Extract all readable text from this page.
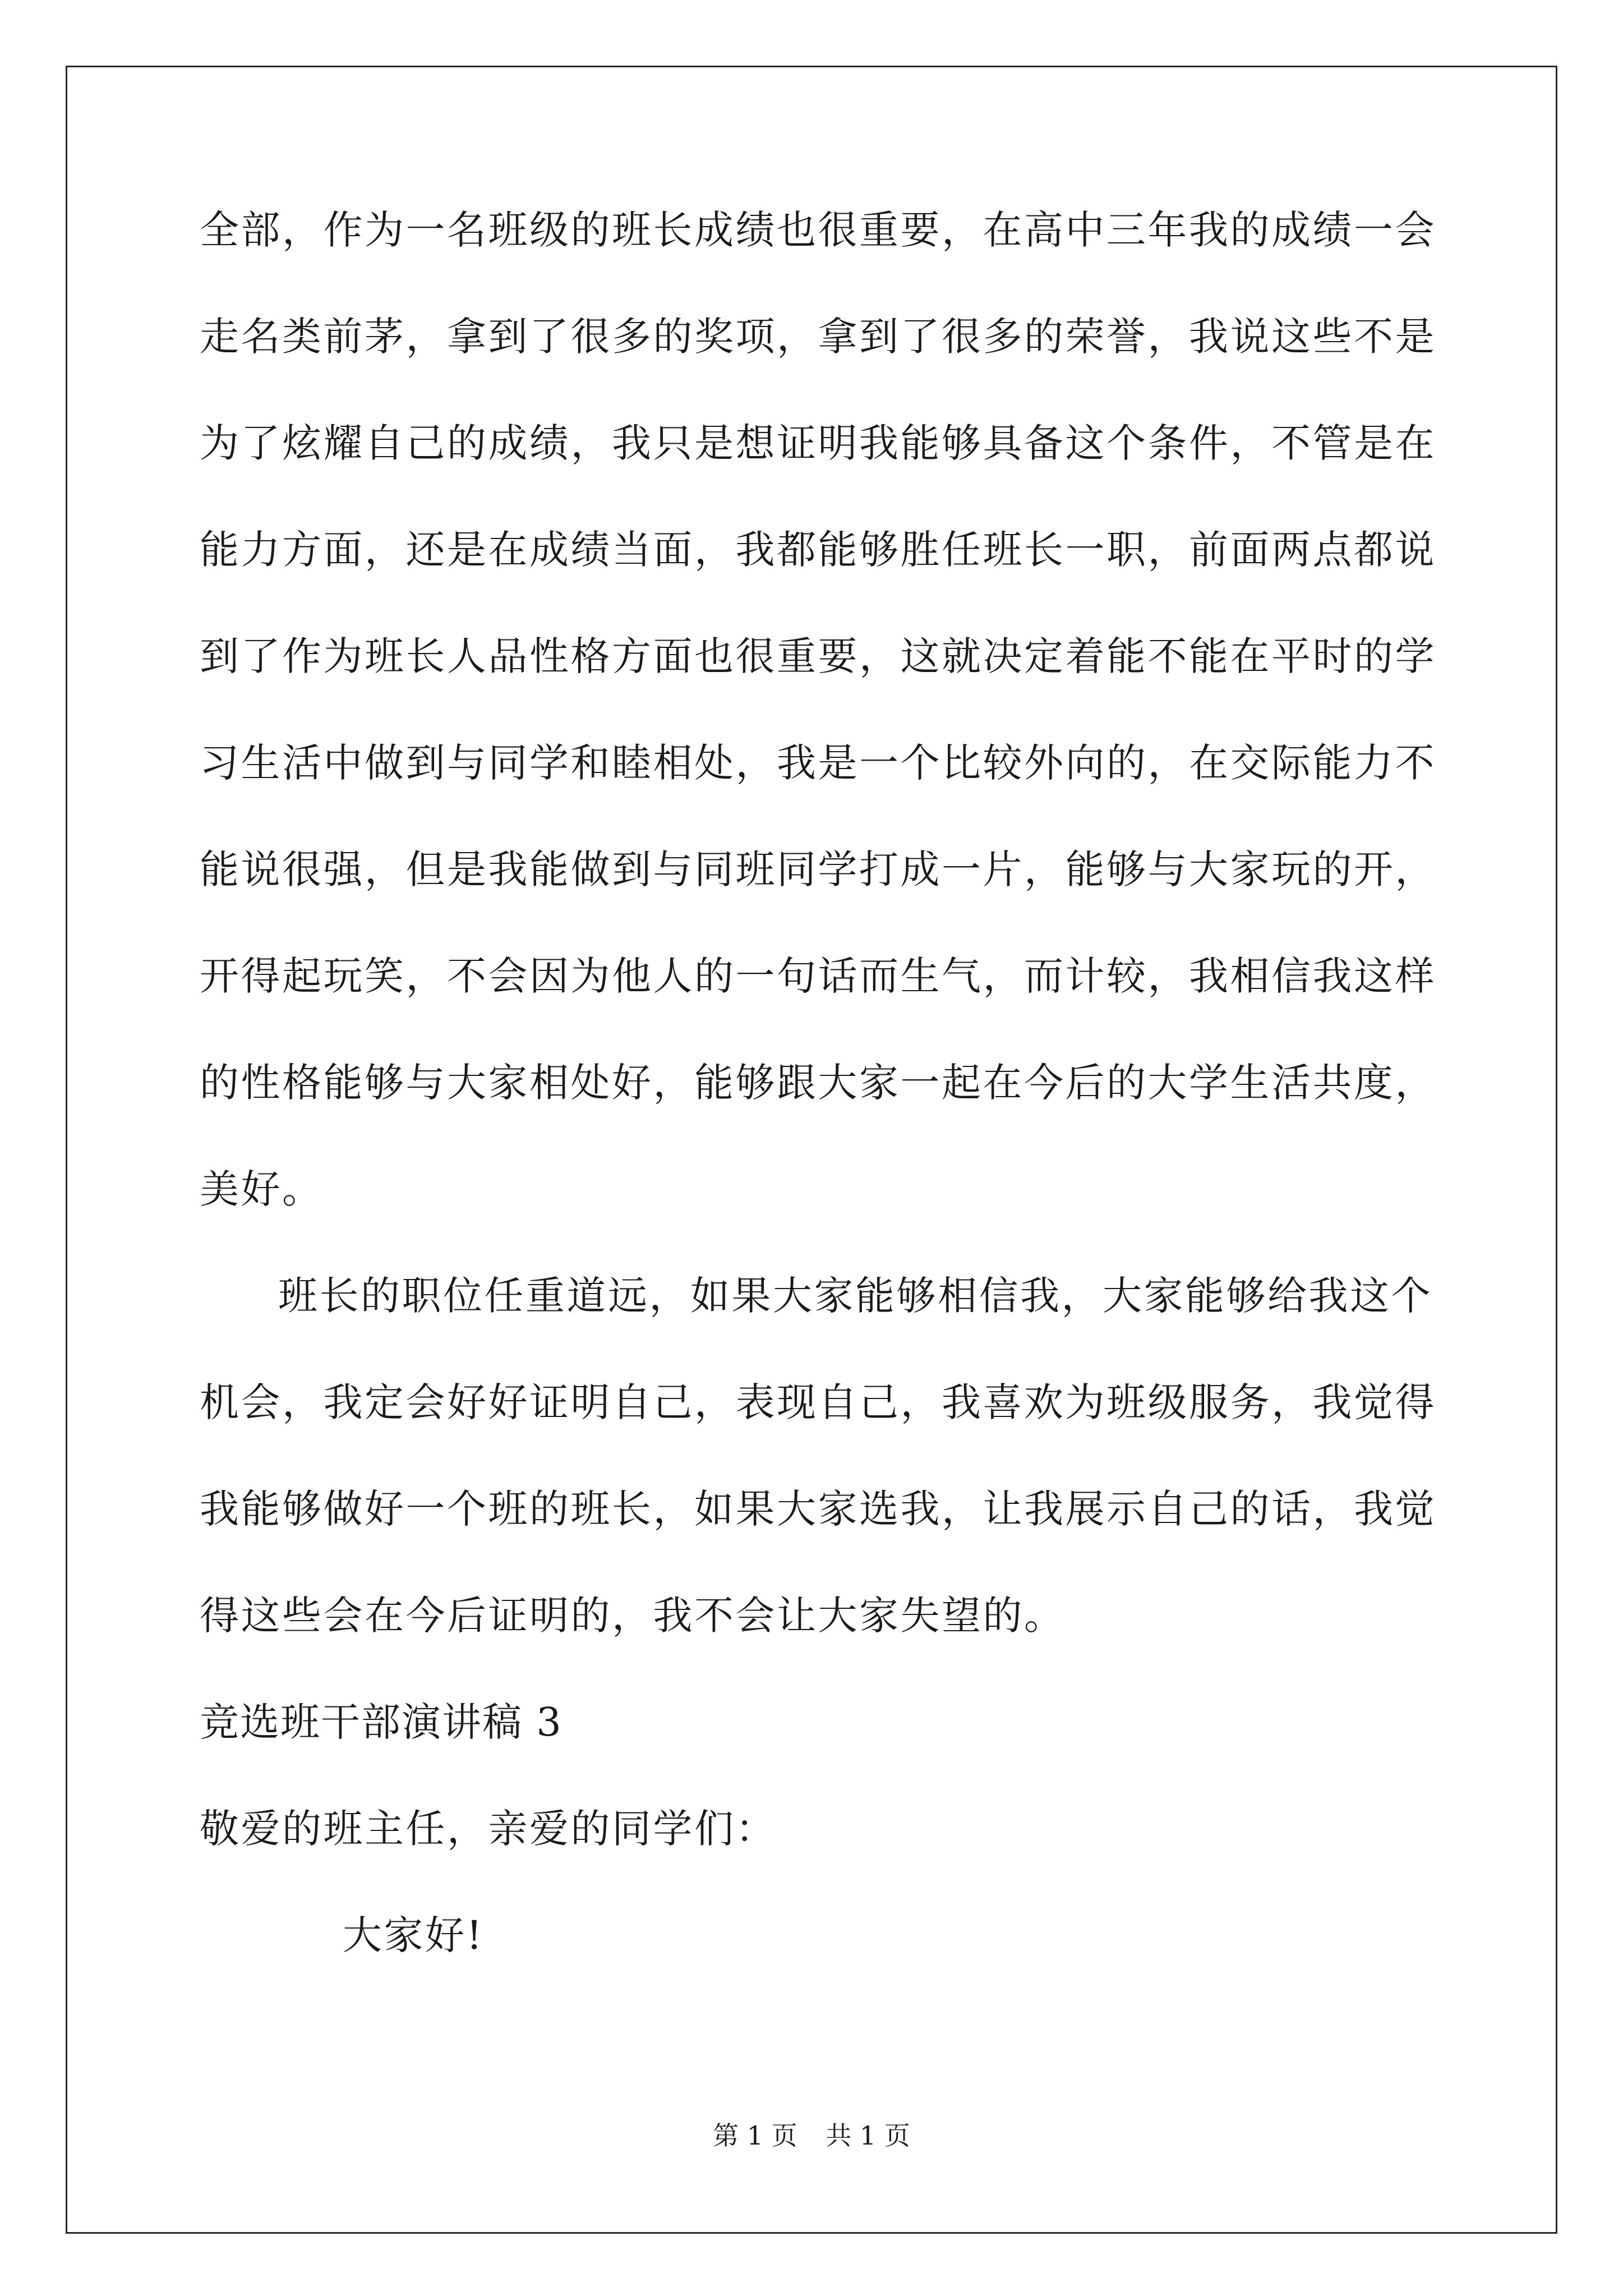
全部，作为一名班级的班长成绩也很重要，在高中三年我的成绩一会
走名类前茅，拿到了很多的奖项，拿到了很多的荣誉，我说这些不是
为了炫耀自己的成绩，我只是想证明我能够具备这个条件，不管是在
能力方面，还是在成绩当面，我都能够胜任班长一职，前面两点都说
到了作为班长人品性格方面也很重要，这就决定着能不能在平时的学
习生活中做到与同学和睦相处，我是一个比较外向的，在交际能力不
能说很强，但是我能做到与同班同学打成一片，能够与大家玩的开，
开得起玩笑，不会因为他人的一句话而生气，而计较，我相信我这样
的性格能够与大家相处好，能够跟大家一起在今后的大学生活共度，
美好。
班长的职位任重道远，如果大家能够相信我，大家能够给我这个
机会，我定会好好证明自己，表现自己，我喜欢为班级服务，我觉得
我能够做好一个班的班长，如果大家选我，让我展示自己的话，我觉
得这些会在今后证明的，我不会让大家失望的。
竞选班干部演讲稿 3
敬爱的班主任，亲爱的同学们：
大家好!
第 1 页 共 1 页
